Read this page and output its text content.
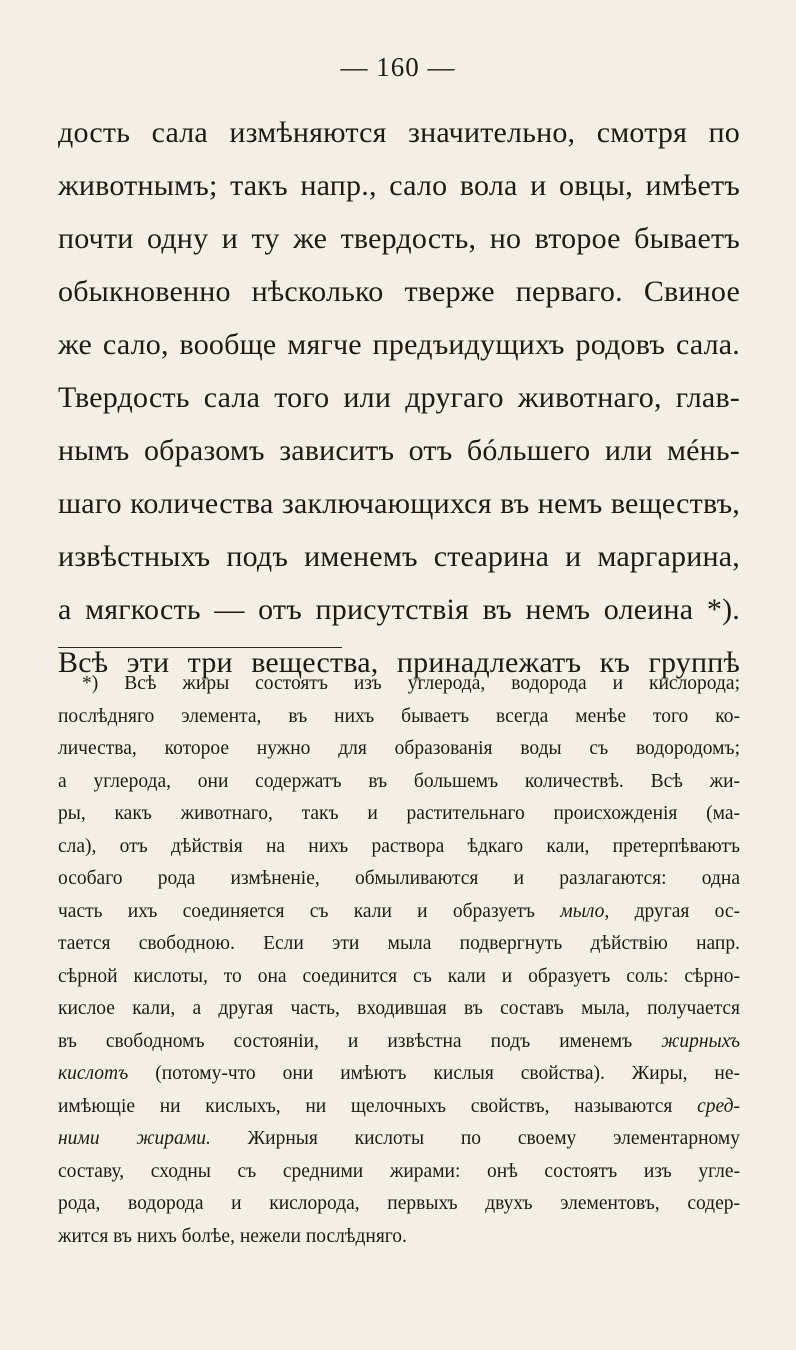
— 160 —
дость сала измѣняются значительно, смотря по
животнымъ; такъ напр., сало вола и овцы, имѣетъ
почти одну и ту же твердость, но второе бываетъ
обыкновенно нѣсколько тверже перваго. Свиное
же сало, вообще мягче предъидущихъ родовъ сала.
Твердость сала того или другаго животнаго, глав-
нымъ образомъ зависитъ отъ бóльшего или мéнь-
шаго количества заключающихся въ немъ веществъ,
извѣстныхъ подъ именемъ стеарина и маргарина,
а мягкость — отъ присутствія въ немъ олеина *).
Всѣ эти три вещества, принадлежатъ къ группѣ
*) Всѣ жиры состоятъ изъ углерода, водорода и кислорода;
послѣдняго элемента, въ нихъ бываетъ всегда менѣе того ко-
личества, которое нужно для образованія воды съ водородомъ;
а углерода, они содержатъ въ большемъ количествѣ. Всѣ жи-
ры, какъ животнаго, такъ и растительнаго происхожденія (ма-
сла), отъ дѣйствія на нихъ раствора ѣдкаго кали, претерпѣваютъ
особаго рода измѣненіе, обмыливаются и разлагаются: одна
часть ихъ соединяется съ кали и образуетъ мыло, другая ос-
тается свободною. Если эти мыла подвергнуть дѣйствію напр.
сѣрной кислоты, то она соединится съ кали и образуетъ соль: сѣрно-
кислое кали, а другая часть, входившая въ составъ мыла, получается
въ свободномъ состояніи, и извѣстна подъ именемъ жирныхъ
кислотъ (потому-что они имѣютъ кислыя свойства). Жиры, не-
имѣющіе ни кислыхъ, ни щелочныхъ свойствъ, называются сред-
ними жирами. Жирныя кислоты по своему элементарному
составу, сходны съ средними жирами: онѣ состоятъ изъ угле-
рода, водорода и кислорода, первыхъ двухъ элементовъ, содер-
жится въ нихъ болѣе, нежели послѣдняго.
